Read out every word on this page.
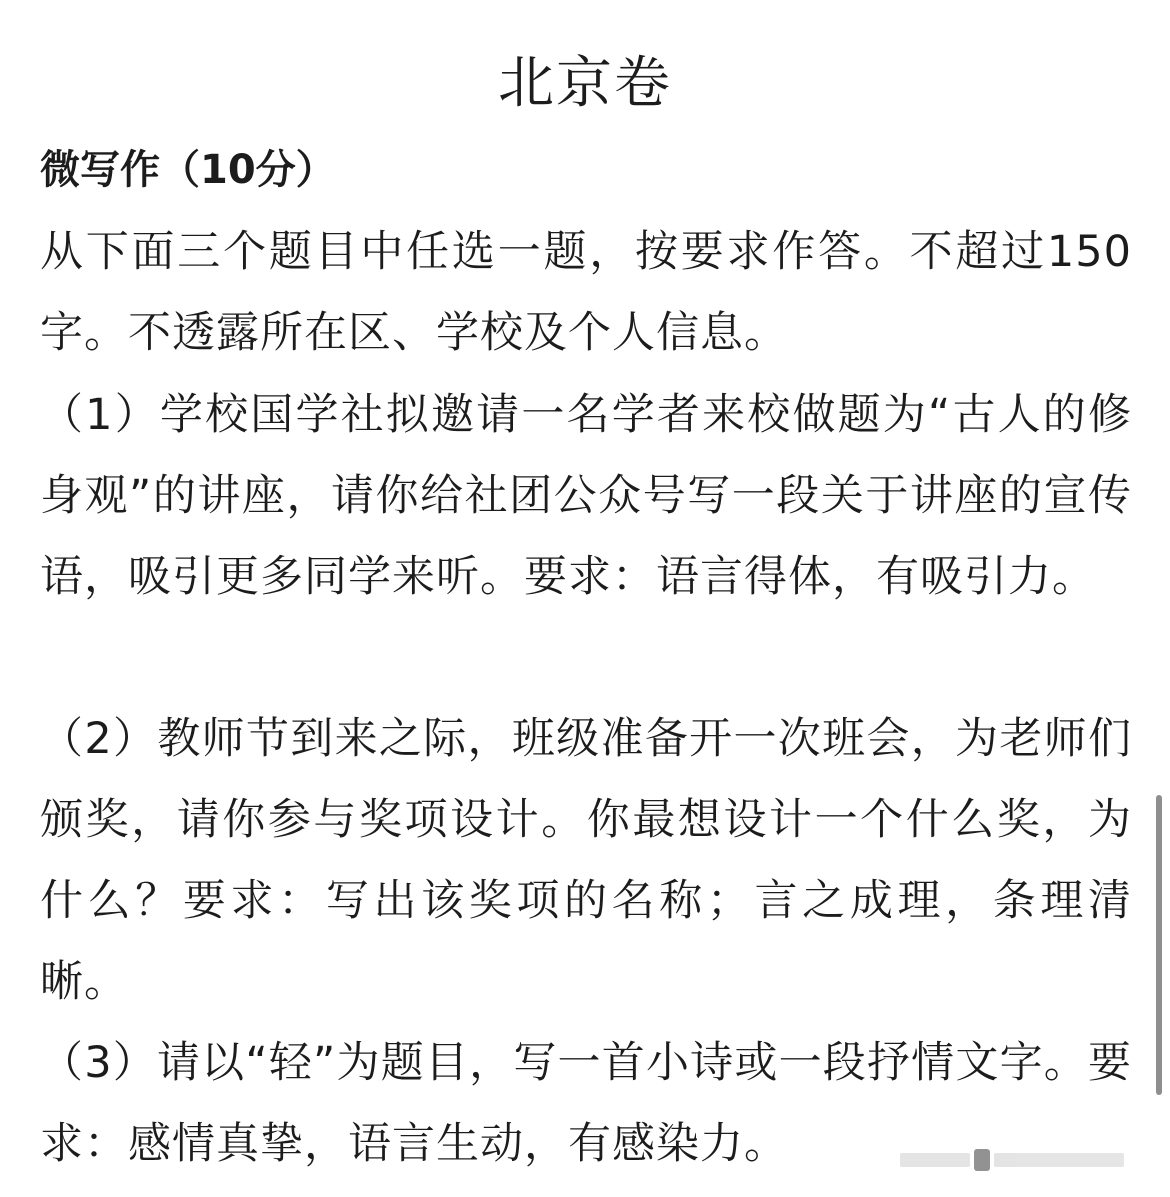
北京卷
微写作（10分）

从下面三个题目中任选一题，按要求作答。不超过150字。不透露所在区、学校及个人信息。

（1）学校国学社拟邀请一名学者来校做题为“古人的修身观”的讲座，请你给社团公众号写一段关于讲座的宣传语，吸引更多同学来听。要求：语言得体，有吸引力。

（2）教师节到来之际，班级准备开一次班会，为老师们颁奖，请你参与奖项设计。你最想设计一个什么奖，为什么？要求：写出该奖项的名称；言之成理，条理清晰。

（3）请以“轻”为题目，写一首小诗或一段抒情文字。要求：感情真挚，语言生动，有感染力。
